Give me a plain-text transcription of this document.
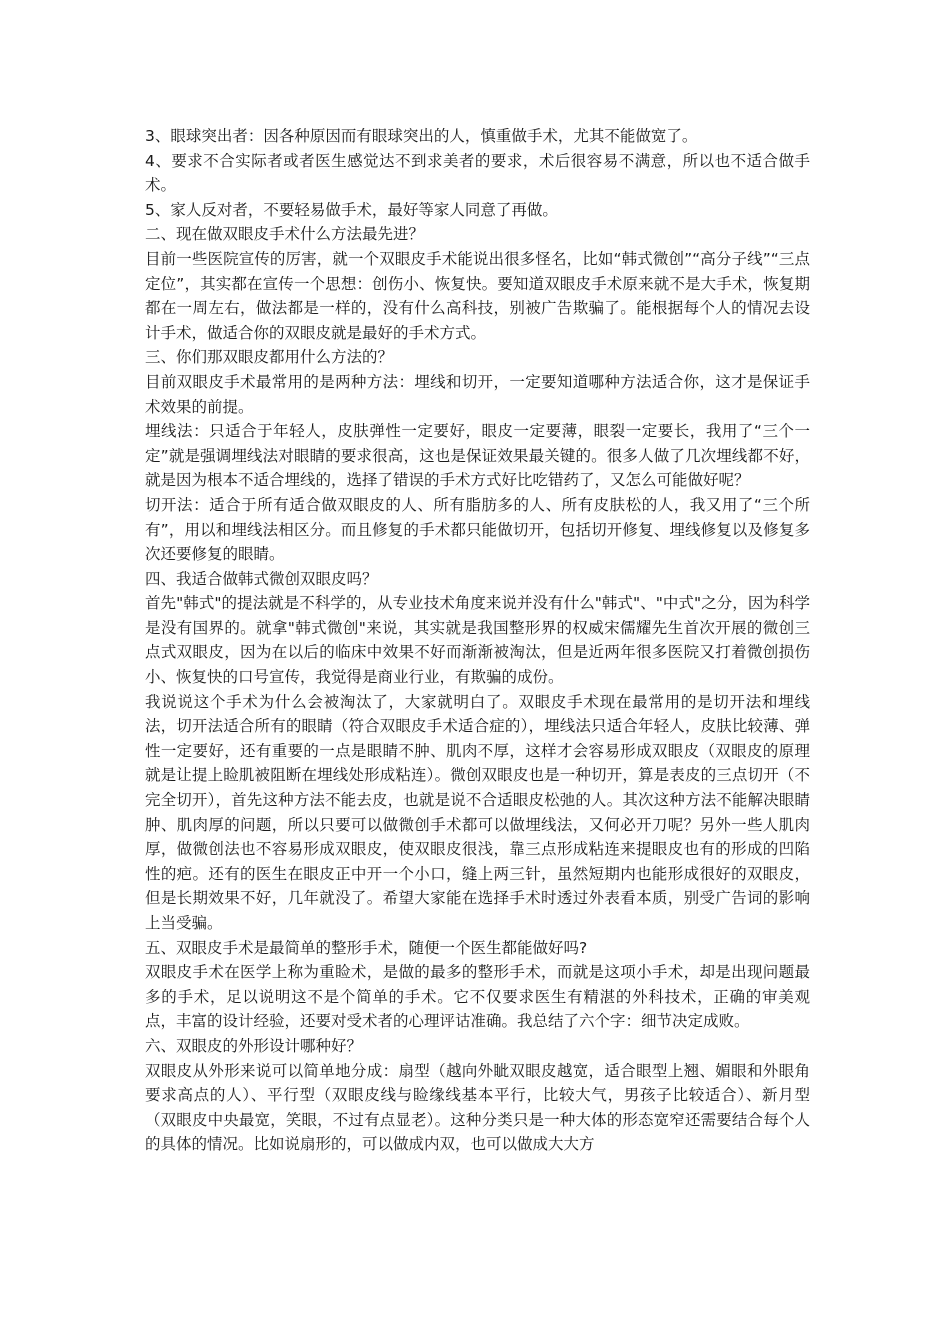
3、眼球突出者：因各种原因而有眼球突出的人，慎重做手术，尤其不能做宽了。

4、要求不合实际者或者医生感觉达不到求美者的要求，术后很容易不满意，所以也不适合做手术。

5、家人反对者，不要轻易做手术，最好等家人同意了再做。

二、现在做双眼皮手术什么方法最先进？

目前一些医院宣传的厉害，就一个双眼皮手术能说出很多怪名，比如“韩式微创”“高分子线”“三点定位”，其实都在宣传一个思想：创伤小、恢复快。要知道双眼皮手术原来就不是大手术，恢复期都在一周左右，做法都是一样的，没有什么高科技，别被广告欺骗了。能根据每个人的情况去设计手术，做适合你的双眼皮就是最好的手术方式。

三、你们那双眼皮都用什么方法的？

目前双眼皮手术最常用的是两种方法：埋线和切开，一定要知道哪种方法适合你，这才是保证手术效果的前提。

埋线法：只适合于年轻人，皮肤弹性一定要好，眼皮一定要薄，眼裂一定要长，我用了“三个一定”就是强调埋线法对眼睛的要求很高，这也是保证效果最关键的。很多人做了几次埋线都不好，就是因为根本不适合埋线的，选择了错误的手术方式好比吃错药了，又怎么可能做好呢？

切开法：适合于所有适合做双眼皮的人、所有脂肪多的人、所有皮肤松的人，我又用了“三个所有”，用以和埋线法相区分。而且修复的手术都只能做切开，包括切开修复、埋线修复以及修复多次还要修复的眼睛。

四、我适合做韩式微创双眼皮吗？

首先"韩式"的提法就是不科学的，从专业技术角度来说并没有什么"韩式"、"中式"之分，因为科学是没有国界的。就拿"韩式微创"来说，其实就是我国整形界的权威宋儒耀先生首次开展的微创三点式双眼皮，因为在以后的临床中效果不好而渐渐被淘汰，但是近两年很多医院又打着微创损伤小、恢复快的口号宣传，我觉得是商业行业，有欺骗的成份。

我说说这个手术为什么会被淘汰了，大家就明白了。双眼皮手术现在最常用的是切开法和埋线法，切开法适合所有的眼睛（符合双眼皮手术适合症的），埋线法只适合年轻人，皮肤比较薄、弹性一定要好，还有重要的一点是眼睛不肿、肌肉不厚，这样才会容易形成双眼皮（双眼皮的原理就是让提上睑肌被阻断在埋线处形成粘连）。微创双眼皮也是一种切开，算是表皮的三点切开（不完全切开），首先这种方法不能去皮，也就是说不合适眼皮松弛的人。其次这种方法不能解决眼睛肿、肌肉厚的问题，所以只要可以做微创手术都可以做埋线法，又何必开刀呢？另外一些人肌肉厚，做微创法也不容易形成双眼皮，使双眼皮很浅，靠三点形成粘连来提眼皮也有的形成的凹陷性的疤。还有的医生在眼皮正中开一个小口，缝上两三针，虽然短期内也能形成很好的双眼皮，但是长期效果不好，几年就没了。希望大家能在选择手术时透过外表看本质，别受广告词的影响上当受骗。

五、双眼皮手术是最简单的整形手术，随便一个医生都能做好吗?

双眼皮手术在医学上称为重睑术，是做的最多的整形手术，而就是这项小手术，却是出现问题最多的手术，足以说明这不是个简单的手术。它不仅要求医生有精湛的外科技术，正确的审美观点，丰富的设计经验，还要对受术者的心理评诂准确。我总结了六个字：细节决定成败。

六、双眼皮的外形设计哪种好？

双眼皮从外形来说可以简单地分成：扇型（越向外眦双眼皮越宽，适合眼型上翘、媚眼和外眼角要求高点的人）、平行型（双眼皮线与睑缘线基本平行，比较大气，男孩子比较适合）、新月型（双眼皮中央最宽，笑眼，不过有点显老）。这种分类只是一种大体的形态宽窄还需要结合每个人的具体的情况。比如说扇形的，可以做成内双，也可以做成大大方
